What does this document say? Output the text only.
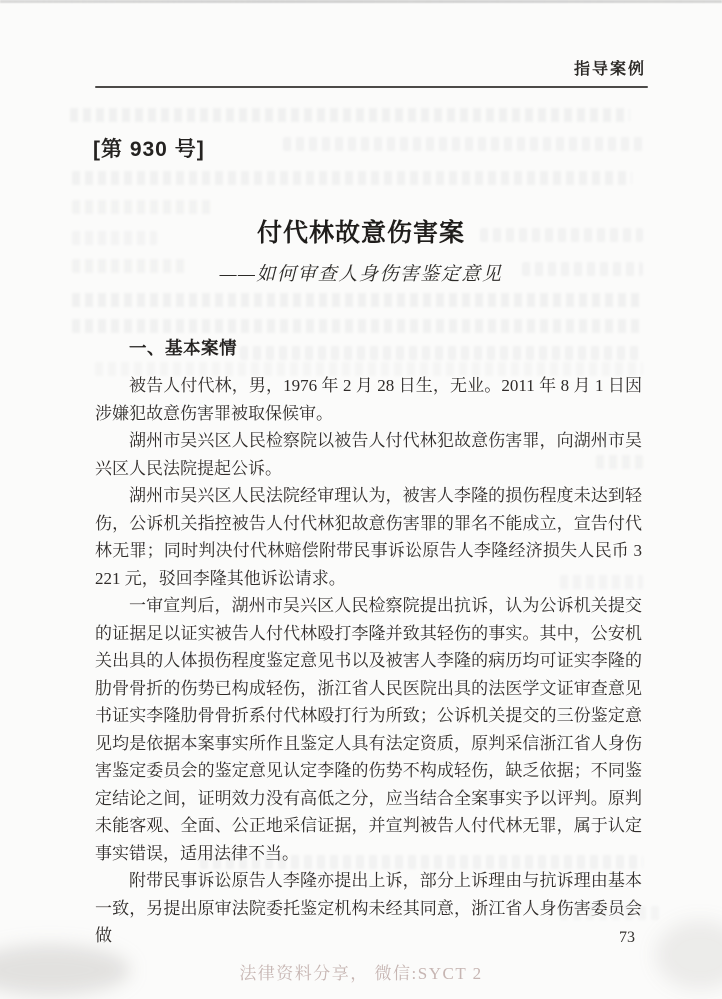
指导案例
[第 930 号]
付代林故意伤害案
——如何审查人身伤害鉴定意见
一、基本案情

被告人付代林，男，1976 年 2 月 28 日生，无业。2011 年 8 月 1 日因涉嫌犯故意伤害罪被取保候审。

湖州市吴兴区人民检察院以被告人付代林犯故意伤害罪，向湖州市吴兴区人民法院提起公诉。

湖州市吴兴区人民法院经审理认为，被害人李隆的损伤程度未达到轻伤，公诉机关指控被告人付代林犯故意伤害罪的罪名不能成立，宣告付代林无罪；同时判决付代林赔偿附带民事诉讼原告人李隆经济损失人民币 3 221 元，驳回李隆其他诉讼请求。

一审宣判后，湖州市吴兴区人民检察院提出抗诉，认为公诉机关提交的证据足以证实被告人付代林殴打李隆并致其轻伤的事实。其中，公安机关出具的人体损伤程度鉴定意见书以及被害人李隆的病历均可证实李隆的肋骨骨折的伤势已构成轻伤，浙江省人民医院出具的法医学文证审查意见书证实李隆肋骨骨折系付代林殴打行为所致；公诉机关提交的三份鉴定意见均是依据本案事实所作且鉴定人具有法定资质，原判采信浙江省人身伤害鉴定委员会的鉴定意见认定李隆的伤势不构成轻伤，缺乏依据；不同鉴定结论之间，证明效力没有高低之分，应当结合全案事实予以评判。原判未能客观、全面、公正地采信证据，并宣判被告人付代林无罪，属于认定事实错误，适用法律不当。

附带民事诉讼原告人李隆亦提出上诉，部分上诉理由与抗诉理由基本一致，另提出原审法院委托鉴定机构未经其同意，浙江省人身伤害委员会做	73
法律资料分享， 微信:SYCT 2
